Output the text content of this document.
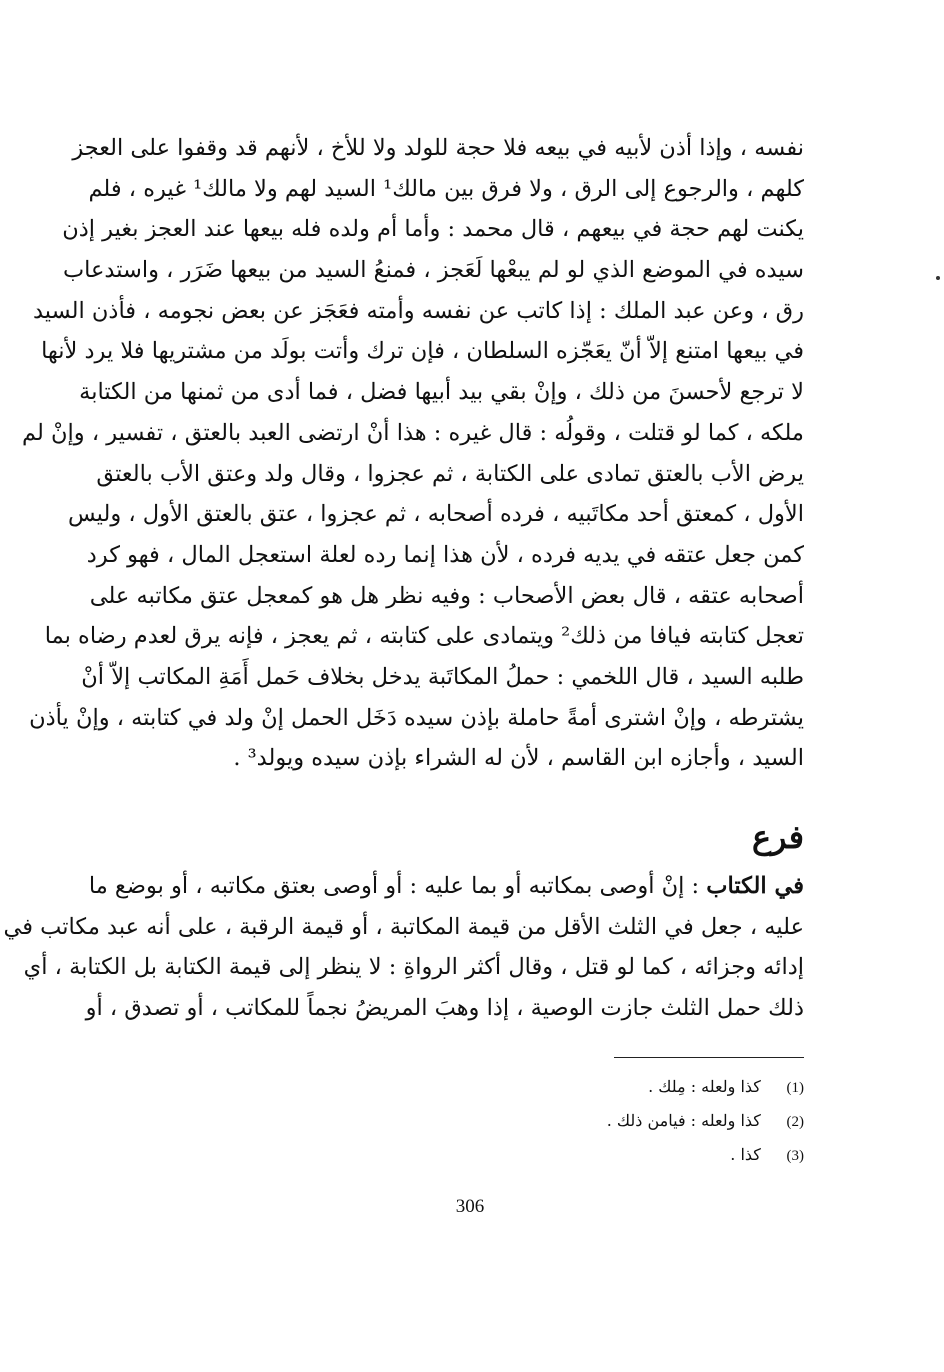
نفسه ، وإذا أذن لأبيه في بيعه فلا حجة للولد ولا للأخ ، لأنهم قد وقفوا على العجز
كلهم ، والرجوع إلى الرق ، ولا فرق بين مالك¹ السيد لهم ولا مالك¹ غيره ، فلم
يكنت لهم حجة في بيعهم ، قال محمد : وأما أم ولده فله بيعها عند العجز بغير إذن
سيده في الموضع الذي لو لم يبعْها لَعَجز ، فمنعُ السيد من بيعها ضَرَر ، واستدعاب
رق ، وعن عبد الملك : إذا كاتب عن نفسه وأمته فعَجَز عن بعض نجومه ، فأذن السيد
في بيعها امتنع إلاّ أنّ يعَجّزه السلطان ، فإن ترك وأتت بولَد من مشتريها فلا يرد لأنها
لا ترجع لأحسنَ من ذلك ، وإنْ بقي بيد أبيها فضل ، فما أدى من ثمنها من الكتابة
ملكه ، كما لو قتلت ، وقولُه : قال غيره : هذا أنْ ارتضى العبد بالعتق ، تفسير ، وإنْ لم
يرض الأب بالعتق تمادى على الكتابة ، ثم عجزوا ، وقال ولد وعتق الأب بالعتق
الأول ، كمعتق أحد مكاتَبيه ، فرده أصحابه ، ثم عجزوا ، عتق بالعتق الأول ، وليس
كمن جعل عتقه في يديه فرده ، لأن هذا إنما رده لعلة استعجل المال ، فهو كرد
أصحابه عتقه ، قال بعض الأصحاب : وفيه نظر هل هو كمعجل عتق مكاتبه على
تعجل كتابته فيافا من ذلك² ويتمادى على كتابته ، ثم يعجز ، فإنه يرق لعدم رضاه بما
طلبه السيد ، قال اللخمي : حملُ المكاتَبة يدخل بخلاف حَمل أَمَةِ المكاتب إلاّ أنْ
يشترطه ، وإنْ اشترى أمةً حاملة بإذن سيده دَخَل الحمل إنْ ولد في كتابته ، وإنْ يأذن
السيد ، وأجازه ابن القاسم ، لأن له الشراء بإذن سيده ويولد³ .
فرع
في الكتاب : إنْ أوصى بمكاتبه أو بما عليه : أو أوصى بعتق مكاتبه ، أو بوضع ما
عليه ، جعل في الثلث الأقل من قيمة المكاتبة ، أو قيمة الرقبة ، على أنه عبد مكاتب في
إدائه وجزائه ، كما لو قتل ، وقال أكثر الرواةِ : لا ينظر إلى قيمة الكتابة بل الكتابة ، أي
ذلك حمل الثلث جازت الوصية ، إذا وهبَ المريضُ نجماً للمكاتب ، أو تصدق ، أو
(1) كذا ولعله : مِلك .
(2) كذا ولعله : فيامن ذلك .
(3) كذا .
306
